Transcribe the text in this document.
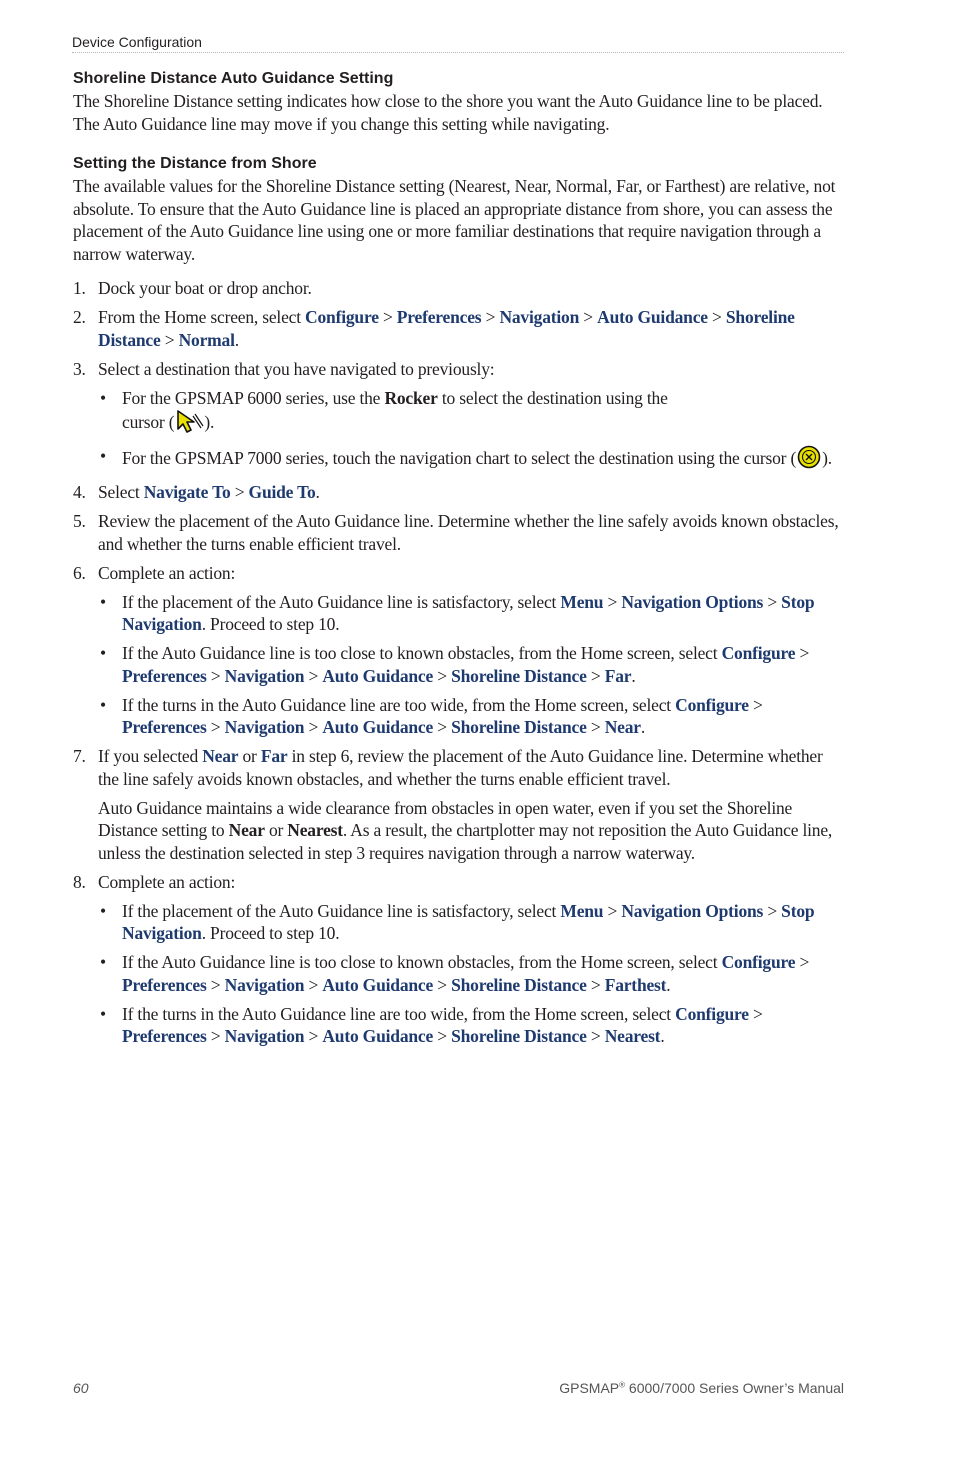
Device Configuration
Shoreline Distance Auto Guidance Setting

The Shoreline Distance setting indicates how close to the shore you want the Auto Guidance line to be placed. The Auto Guidance line may move if you change this setting while navigating.

Setting the Distance from Shore

The available values for the Shoreline Distance setting (Nearest, Near, Normal, Far, or Farthest) are relative, not absolute. To ensure that the Auto Guidance line is placed an appropriate distance from shore, you can assess the placement of the Auto Guidance line using one or more familiar destinations that require navigation through a narrow waterway.

1. Dock your boat or drop anchor.
2. From the Home screen, select Configure > Preferences > Navigation > Auto Guidance > Shoreline
Distance > Normal.
3. Select a destination that you have navigated to previously:
• For the GPSMAP 6000 series, use the Rocker to select the destination using the
cursor ( ).
• For the GPSMAP 7000 series, touch the navigation chart to select the destination using the cursor ( ).
4. Select Navigate To > Guide To.
5. Review the placement of the Auto Guidance line. Determine whether the line safely avoids known obstacles, and whether the turns enable efficient travel.
6. Complete an action:
• If the placement of the Auto Guidance line is satisfactory, select Menu > Navigation Options > Stop Navigation. Proceed to step 10.
• If the Auto Guidance line is too close to known obstacles, from the Home screen, select Configure >
Preferences > Navigation > Auto Guidance > Shoreline Distance > Far.
• If the turns in the Auto Guidance line are too wide, from the Home screen, select Configure >
Preferences > Navigation > Auto Guidance > Shoreline Distance > Near.
7. If you selected Near or Far in step 6, review the placement of the Auto Guidance line. Determine whether the line safely avoids known obstacles, and whether the turns enable efficient travel.
Auto Guidance maintains a wide clearance from obstacles in open water, even if you set the Shoreline Distance setting to Near or Nearest. As a result, the chartplotter may not reposition the Auto Guidance line, unless the destination selected in step 3 requires navigation through a narrow waterway.
8. Complete an action:
• If the placement of the Auto Guidance line is satisfactory, select Menu > Navigation Options > Stop Navigation. Proceed to step 10.
• If the Auto Guidance line is too close to known obstacles, from the Home screen, select Configure >
Preferences > Navigation > Auto Guidance > Shoreline Distance > Farthest.
• If the turns in the Auto Guidance line are too wide, from the Home screen, select Configure >
Preferences > Navigation > Auto Guidance > Shoreline Distance > Nearest.
60	GPSMAP® 6000/7000 Series Owner’s Manual
